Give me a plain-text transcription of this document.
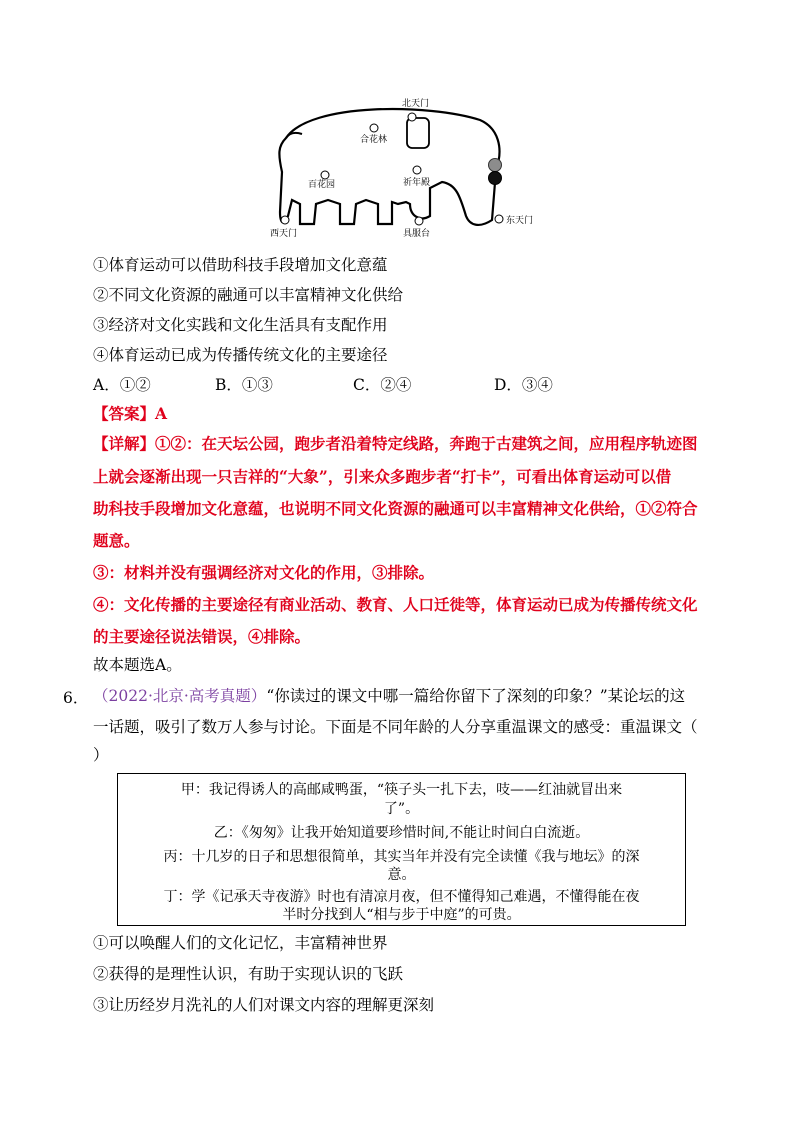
北天门
合花林
百花园	祈年殿
西天门	具服台
东天门
①体育运动可以借助科技手段增加文化意蕴
②不同文化资源的融通可以丰富精神文化供给
③经济对文化实践和文化生活具有支配作用
④体育运动已成为传播传统文化的主要途径
A．①②	B．①③	C．②④	D．③④
【答案】A
【详解】①②：在天坛公园，跑步者沿着特定线路，奔跑于古建筑之间，应用程序轨迹图
上就会逐渐出现一只吉祥的“大象”，引来众多跑步者“打卡”，可看出体育运动可以借
助科技手段增加文化意蕴，也说明不同文化资源的融通可以丰富精神文化供给，①②符合
题意。
③：材料并没有强调经济对文化的作用，③排除。
④：文化传播的主要途径有商业活动、教育、人口迁徙等，体育运动已成为传播传统文化
的主要途径说法错误，④排除。
故本题选A。
6． （2022·北京·高考真题）“你读过的课文中哪一篇给你留下了深刻的印象？”某论坛的这
一话题，吸引了数万人参与讨论。下面是不同年龄的人分享重温课文的感受：重温课文（
）
甲：我记得诱人的高邮咸鸭蛋，“筷子头一扎下去，吱——红油就冒出来
了”。
乙：《匆匆》让我开始知道要珍惜时间,不能让时间白白流逝。
丙：十几岁的日子和思想很简单，其实当年并没有完全读懂《我与地坛》的深
意。
丁：学《记承天寺夜游》时也有清凉月夜，但不懂得知己难遇，不懂得能在夜
半时分找到人“相与步于中庭”的可贵。
①可以唤醒人们的文化记忆，丰富精神世界
②获得的是理性认识，有助于实现认识的飞跃
③让历经岁月洗礼的人们对课文内容的理解更深刻
